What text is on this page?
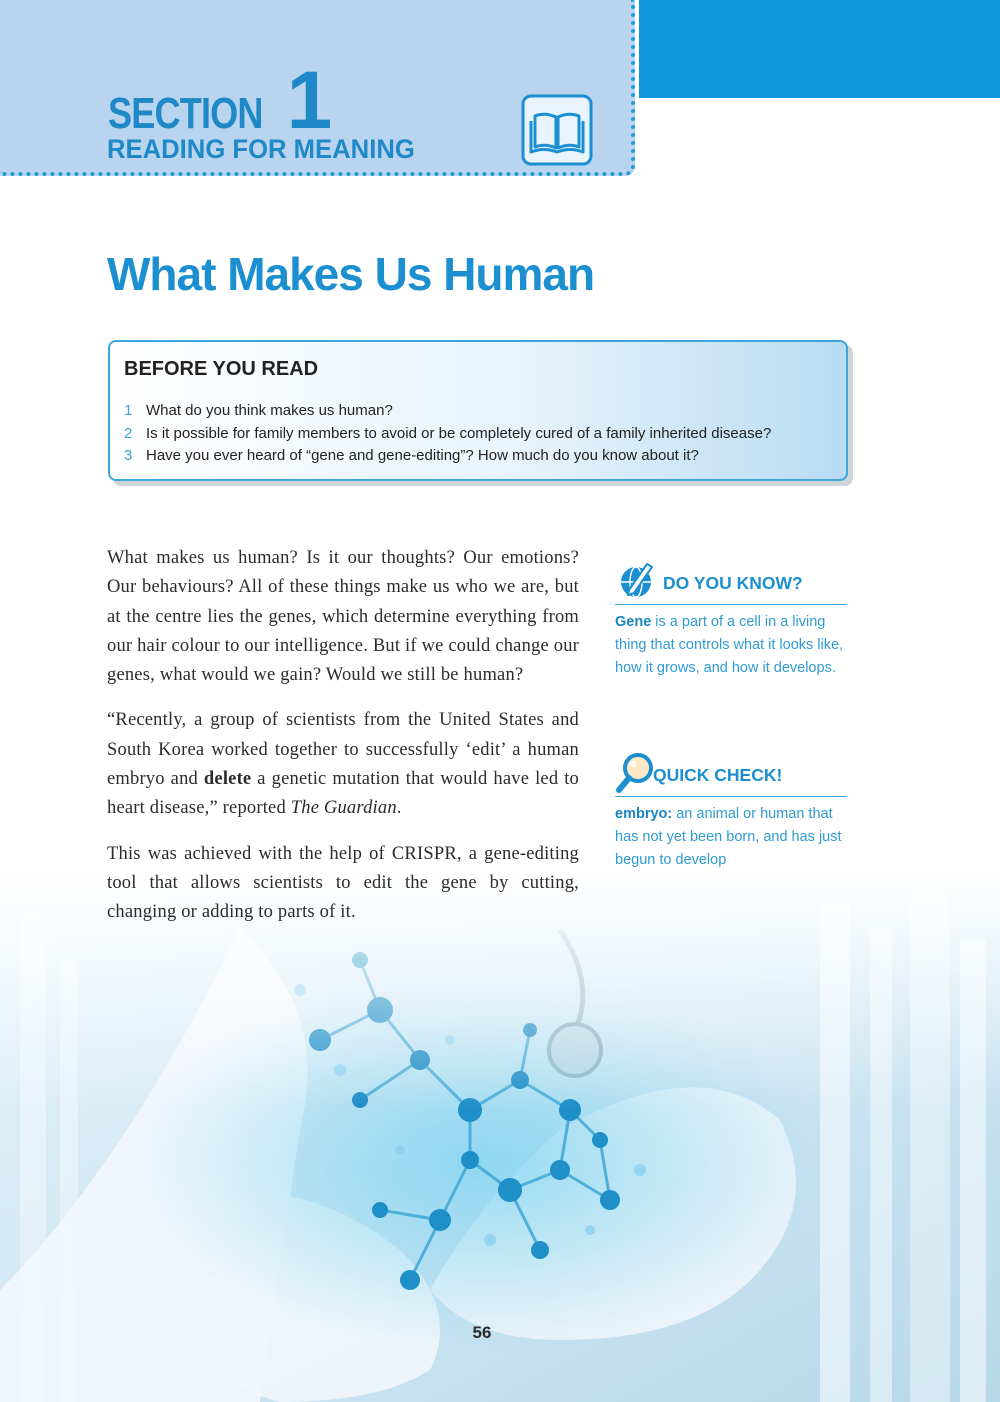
SECTION 1
READING FOR MEANING
What Makes Us Human
BEFORE YOU READ
1 What do you think makes us human?
2 Is it possible for family members to avoid or be completely cured of a family inherited disease?
3 Have you ever heard of “gene and gene-editing”? How much do you know about it?

What makes us human? Is it our thoughts? Our emotions? Our behaviours? All of these things make us who we are, but at the centre lies the genes, which determine everything from our hair colour to our intelligence. But if we could change our genes, what would we gain? Would we still be human?

“Recently, a group of scientists from the United States and South Korea worked together to successfully ‘edit’ a human embryo and delete a genetic mutation that would have led to heart disease,” reported The Guardian.

This was achieved with the help of CRISPR, a gene-editing tool that allows scientists to edit the gene by cutting, changing or adding to parts of it.

DO YOU KNOW?
Gene is a part of a cell in a living thing that controls what it looks like, how it grows, and how it develops.
QUICK CHECK!
embryo: an animal or human that has not yet been born, and has just begun to develop
56
